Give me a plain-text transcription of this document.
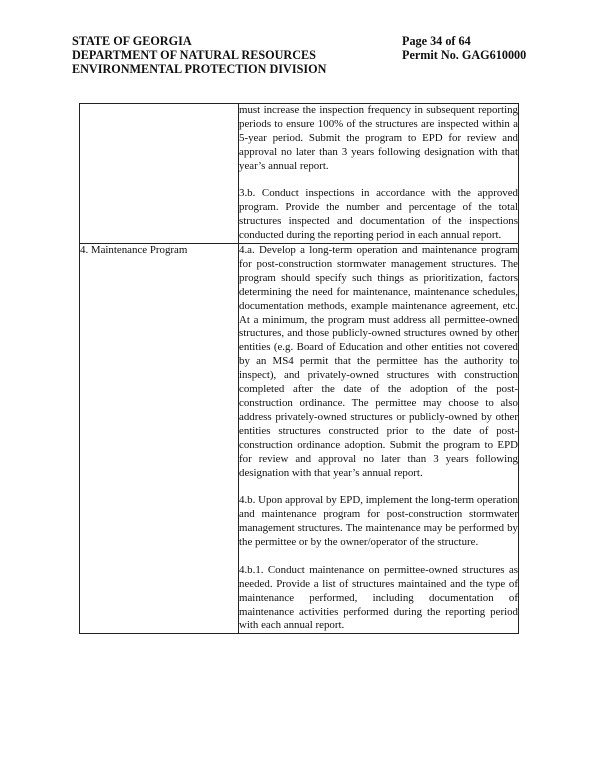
STATE OF GEORGIA	Page 34 of 64
DEPARTMENT OF NATURAL RESOURCES	Permit No. GAG610000
ENVIRONMENTAL PROTECTION DIVISION

	must increase the inspection frequency in subsequent reporting periods to ensure 100% of the structures are inspected within a 5-year period. Submit the program to EPD for review and approval no later than 3 years following designation with that year’s annual report.

3.b. Conduct inspections in accordance with the approved program. Provide the number and percentage of the total structures inspected and documentation of the inspections conducted during the reporting period in each annual report.

4. Maintenance Program	4.a. Develop a long-term operation and maintenance program for post-construction stormwater management structures. The program should specify such things as prioritization, factors determining the need for maintenance, maintenance schedules, documentation methods, example maintenance agreement, etc. At a minimum, the program must address all permittee-owned structures, and those publicly-owned structures owned by other entities (e.g. Board of Education and other entities not covered by an MS4 permit that the permittee has the authority to inspect), and privately-owned structures with construction completed after the date of the adoption of the post-construction ordinance. The permittee may choose to also address privately-owned structures or publicly-owned by other entities structures constructed prior to the date of post-construction ordinance adoption. Submit the program to EPD for review and approval no later than 3 years following designation with that year’s annual report.

4.b. Upon approval by EPD, implement the long-term operation and maintenance program for post-construction stormwater management structures. The maintenance may be performed by the permittee or by the owner/operator of the structure.

4.b.1. Conduct maintenance on permittee-owned structures as needed. Provide a list of structures maintained and the type of maintenance performed, including documentation of maintenance activities performed during the reporting period with each annual report.
